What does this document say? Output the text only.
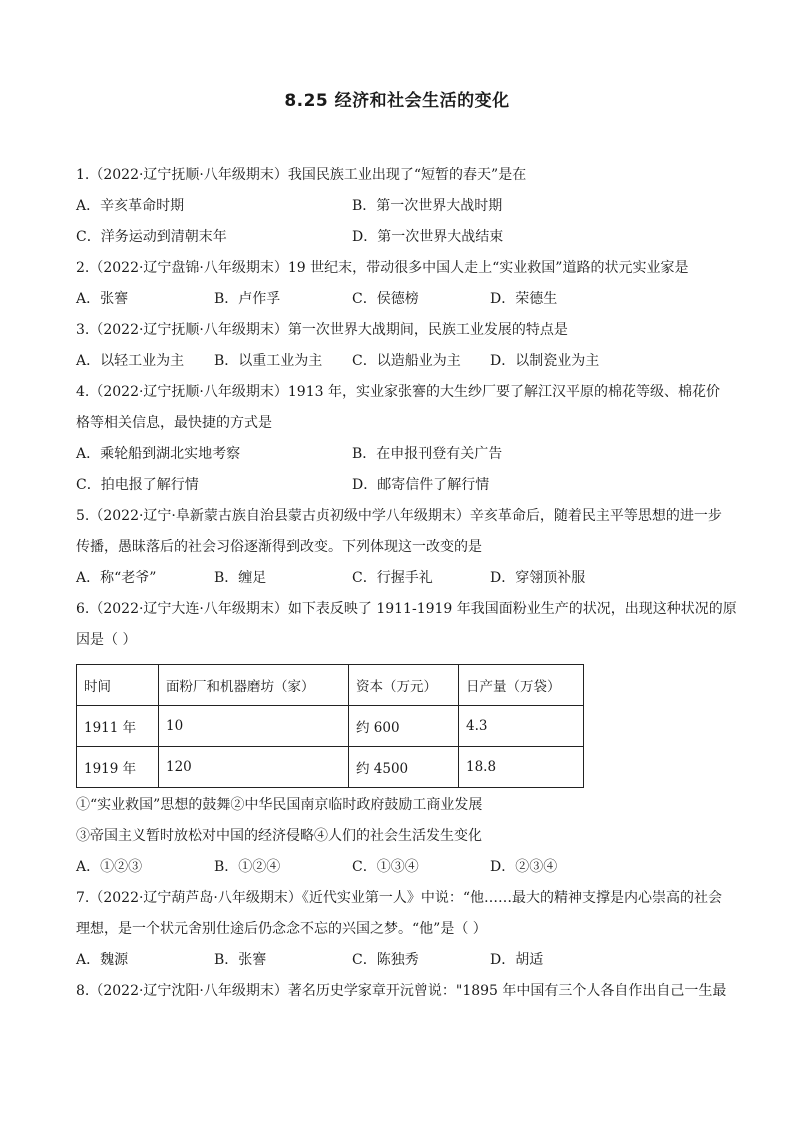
8.25 经济和社会生活的变化
1.（2022·辽宁抚顺·八年级期末）我国民族工业出现了“短暂的春天”是在
A．辛亥革命时期	B．第一次世界大战时期
C．洋务运动到清朝末年	D．第一次世界大战结束
2.（2022·辽宁盘锦·八年级期末）19 世纪末，带动很多中国人走上“实业救国”道路的状元实业家是
A．张謇	B．卢作孚	C．侯德榜	D．荣德生
3.（2022·辽宁抚顺·八年级期末）第一次世界大战期间，民族工业发展的特点是
A．以轻工业为主 B．以重工业为主 C．以造船业为主 D．以制瓷业为主
4.（2022·辽宁抚顺·八年级期末）1913 年，实业家张謇的大生纱厂要了解江汉平原的棉花等级、棉花价
格等相关信息，最快捷的方式是
A．乘轮船到湖北实地考察	B．在申报刊登有关广告
C．拍电报了解行情	D．邮寄信件了解行情
5.（2022·辽宁·阜新蒙古族自治县蒙古贞初级中学八年级期末）辛亥革命后，随着民主平等思想的进一步
传播，愚昧落后的社会习俗逐渐得到改变。下列体现这一改变的是
A．称“老爷”	B．缠足	C．行握手礼	D．穿翎顶补服
6.（2022·辽宁大连·八年级期末）如下表反映了 1911-1919 年我国面粉业生产的状况，出现这种状况的原
因是（ ）
时间	面粉厂和机器磨坊（家）	资本（万元）	日产量（万袋）
1911 年	10	约 600	4.3
1919 年	120	约 4500	18.8
①“实业救国”思想的鼓舞②中华民国南京临时政府鼓励工商业发展
③帝国主义暂时放松对中国的经济侵略④人们的社会生活发生变化
A．①②③	B．①②④	C．①③④	D．②③④
7.（2022·辽宁葫芦岛·八年级期末）《近代实业第一人》中说：“他……最大的精神支撑是内心崇高的社会
理想，是一个状元舍别仕途后仍念念不忘的兴国之梦。“他”是（ ）
A．魏源	B．张謇	C．陈独秀	D．胡适
8.（2022·辽宁沈阳·八年级期末）著名历史学家章开沅曾说："1895 年中国有三个人各自作出自己一生最
